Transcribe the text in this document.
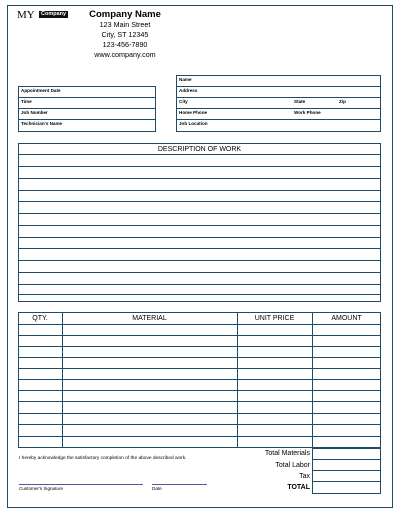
MY	Company	Company Name
123 Main Street
City, ST 12345
123-456-7890
www.company.com
Appointment Date
Time
Job Number
Technician's Name
Name
Address
City	State	Zip
Home Phone	Work Phone
Job Location
DESCRIPTION OF WORK
QTY.	MATERIAL	UNIT PRICE	AMOUNT
Total Materials
Total Labor
Tax
TOTAL
I hereby acknowledge the satisfactory completion of the above described work.
Customer's Signature	Date
